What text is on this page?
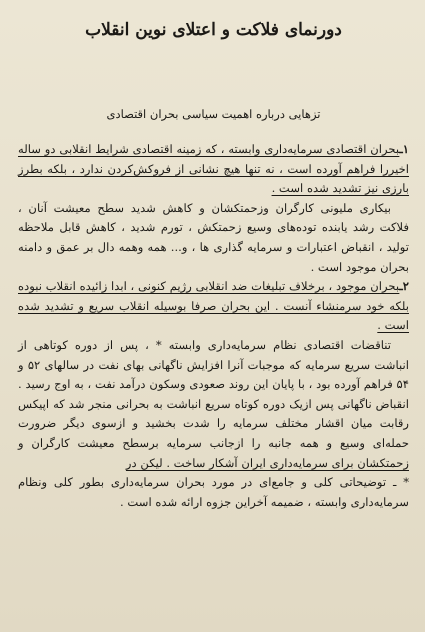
دورنمای فلاکت و اعتلای نوین انقلاب
تزهایی درباره اهمیت سیاسی بحران اقتصادی

۱ـبحران اقتصادی سرمایه‌داری وابسته ، که زمینه اقتصادی شرایط انقلابی دو ساله اخیررا فراهم آورده است ، نه تنها هیچ نشانی از فروکش‌کردن ندارد ، بلکه بطرز بارزی نیز تشدید شده است .

بیکاری ملیونی کارگران وزحمتکشان و کاهش شدید سطح معیشت آنان ، فلاکت رشد یابنده توده‌های وسیع زحمتکش ، تورم شدید ، کاهش قابل ملاحظه تولید ، انقباض اعتبارات و سرمایه گذاری ها ، و... همه وهمه دال بر عمق و دامنه بحران موجود است .

۲ـبحران موجود ، برخلاف تبلیغات ضد انقلابی رژیم کنونی ، ابدا زائیده انقلاب نبوده بلکه خود سرمنشاء آنست . این بحران صرفا بوسیله انقلاب سریع و تشدید شده است .

تناقضات اقتصادی نظام سرمایه‌داری وابسته * ، پس از دوره کوتاهی از انباشت سریع سرمایه که موجبات آنرا افزایش ناگهانی بهای نفت در سالهای ۵۲ و ۵۴ فراهم آورده بود ، با پایان این روند صعودی وسکون درآمد نفت ، به اوج رسید . انقباض ناگهانی پس ازیک دوره کوتاه سریع انباشت به بحرانی منجر شد که اپیکس رقابت میان اقشار مختلف سرمایه را شدت بخشید و ازسوی دیگر ضرورت حمله‌ای وسیع و همه جانبه را ازجانب سرمایه برسطح معیشت کارگران و زحمتکشان برای سرمایه‌داری ایران آشکار ساخت . لیکن در

* ـ توضیحاتی کلی و جامع‌ای در مورد بحران سرمایه‌داری بطور کلی ونظام سرمایه‌داری وابسته ، ضمیمه آخراین جزوه ارائه شده است .
